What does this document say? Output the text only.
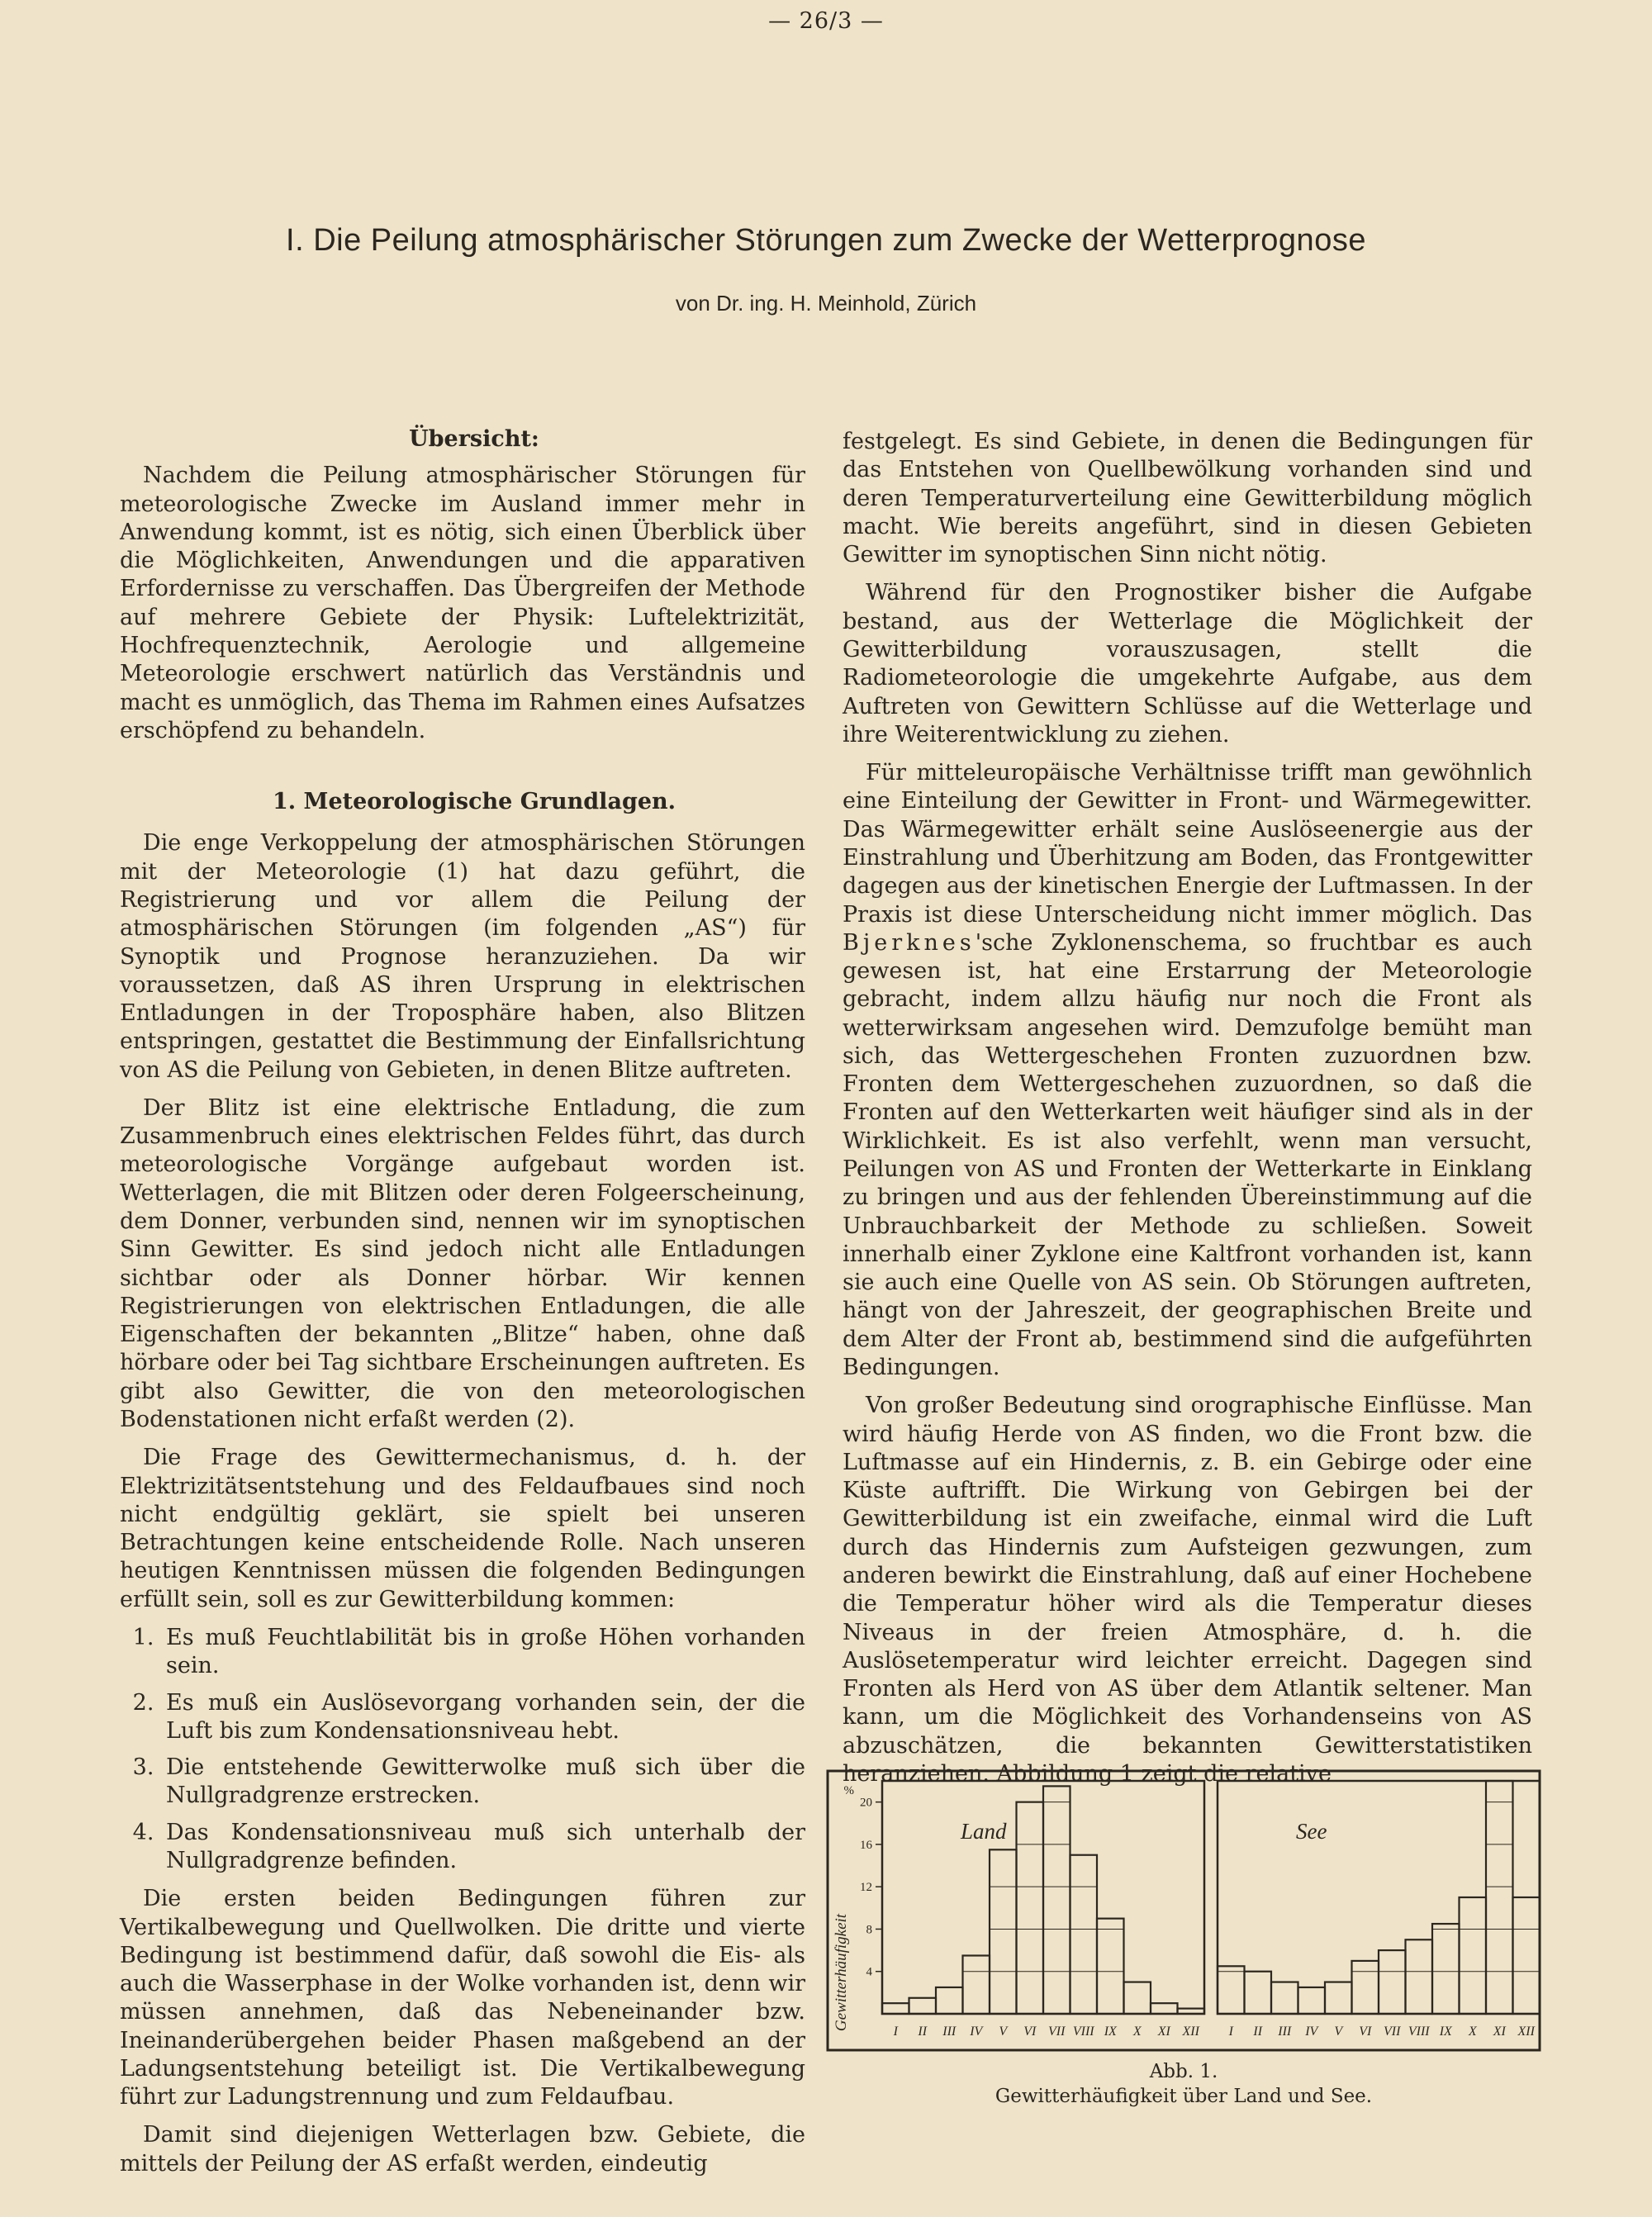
— 26/3 —
I. Die Peilung atmosphärischer Störungen zum Zwecke der Wetterprognose
von Dr. ing. H. Meinhold, Zürich

Übersicht:

Nachdem die Peilung atmosphärischer Störungen für meteorologische Zwecke im Ausland immer mehr in Anwendung kommt, ist es nötig, sich einen Überblick über die Möglichkeiten, Anwendungen und die apparativen Erfordernisse zu verschaffen. Das Übergreifen der Methode auf mehrere Gebiete der Physik: Luftelektrizität, Hochfrequenztechnik, Aerologie und allgemeine Meteorologie erschwert natürlich das Verständnis und macht es unmöglich, das Thema im Rahmen eines Aufsatzes erschöpfend zu behandeln.

1. Meteorologische Grundlagen.

Die enge Verkoppelung der atmosphärischen Störungen mit der Meteorologie (1) hat dazu geführt, die Registrierung und vor allem die Peilung der atmosphärischen Störungen (im folgenden „AS“) für Synoptik und Prognose heranzuziehen. Da wir voraussetzen, daß AS ihren Ursprung in elektrischen Entladungen in der Troposphäre haben, also Blitzen entspringen, gestattet die Bestimmung der Einfallsrichtung von AS die Peilung von Gebieten, in denen Blitze auftreten.

Der Blitz ist eine elektrische Entladung, die zum Zusammenbruch eines elektrischen Feldes führt, das durch meteorologische Vorgänge aufgebaut worden ist. Wetterlagen, die mit Blitzen oder deren Folgeerscheinung, dem Donner, verbunden sind, nennen wir im synoptischen Sinn Gewitter. Es sind jedoch nicht alle Entladungen sichtbar oder als Donner hörbar. Wir kennen Registrierungen von elektrischen Entladungen, die alle Eigenschaften der bekannten „Blitze“ haben, ohne daß hörbare oder bei Tag sichtbare Erscheinungen auftreten. Es gibt also Gewitter, die von den meteorologischen Bodenstationen nicht erfaßt werden (2).

Die Frage des Gewittermechanismus, d. h. der Elektrizitätsentstehung und des Feldaufbaues sind noch nicht endgültig geklärt, sie spielt bei unseren Betrachtungen keine entscheidende Rolle. Nach unseren heutigen Kenntnissen müssen die folgenden Bedingungen erfüllt sein, soll es zur Gewitterbildung kommen:

1. Es muß Feuchtlabilität bis in große Höhen vorhanden sein.
2. Es muß ein Auslösevorgang vorhanden sein, der die Luft bis zum Kondensationsniveau hebt.
3. Die entstehende Gewitterwolke muß sich über die Nullgradgrenze erstrecken.
4. Das Kondensationsniveau muß sich unterhalb der Nullgradgrenze befinden.

Die ersten beiden Bedingungen führen zur Vertikalbewegung und Quellwolken. Die dritte und vierte Bedingung ist bestimmend dafür, daß sowohl die Eis- als auch die Wasserphase in der Wolke vorhanden ist, denn wir müssen annehmen, daß das Nebeneinander bzw. Ineinanderübergehen beider Phasen maßgebend an der Ladungsentstehung beteiligt ist. Die Vertikalbewegung führt zur Ladungstrennung und zum Feldaufbau.

Damit sind diejenigen Wetterlagen bzw. Gebiete, die mittels der Peilung der AS erfaßt werden, eindeutig

festgelegt. Es sind Gebiete, in denen die Bedingungen für das Entstehen von Quellbewölkung vorhanden sind und deren Temperaturverteilung eine Gewitterbildung möglich macht. Wie bereits angeführt, sind in diesen Gebieten Gewitter im synoptischen Sinn nicht nötig.

Während für den Prognostiker bisher die Aufgabe bestand, aus der Wetterlage die Möglichkeit der Gewitterbildung vorauszusagen, stellt die Radiometeorologie die umgekehrte Aufgabe, aus dem Auftreten von Gewittern Schlüsse auf die Wetterlage und ihre Weiterentwicklung zu ziehen.

Für mitteleuropäische Verhältnisse trifft man gewöhnlich eine Einteilung der Gewitter in Front- und Wärmegewitter. Das Wärmegewitter erhält seine Auslöseenergie aus der Einstrahlung und Überhitzung am Boden, das Frontgewitter dagegen aus der kinetischen Energie der Luftmassen. In der Praxis ist diese Unterscheidung nicht immer möglich. Das Bjerknes'sche Zyklonenschema, so fruchtbar es auch gewesen ist, hat eine Erstarrung der Meteorologie gebracht, indem allzu häufig nur noch die Front als wetterwirksam angesehen wird. Demzufolge bemüht man sich, das Wettergeschehen Fronten zuzuordnen bzw. Fronten dem Wettergeschehen zuzuordnen, so daß die Fronten auf den Wetterkarten weit häufiger sind als in der Wirklichkeit. Es ist also verfehlt, wenn man versucht, Peilungen von AS und Fronten der Wetterkarte in Einklang zu bringen und aus der fehlenden Übereinstimmung auf die Unbrauchbarkeit der Methode zu schließen. Soweit innerhalb einer Zyklone eine Kaltfront vorhanden ist, kann sie auch eine Quelle von AS sein. Ob Störungen auftreten, hängt von der Jahreszeit, der geographischen Breite und dem Alter der Front ab, bestimmend sind die aufgeführten Bedingungen.

Von großer Bedeutung sind orographische Einflüsse. Man wird häufig Herde von AS finden, wo die Front bzw. die Luftmasse auf ein Hindernis, z. B. ein Gebirge oder eine Küste auftrifft. Die Wirkung von Gebirgen bei der Gewitterbildung ist ein zweifache, einmal wird die Luft durch das Hindernis zum Aufsteigen gezwungen, zum anderen bewirkt die Einstrahlung, daß auf einer Hochebene die Temperatur höher wird als die Temperatur dieses Niveaus in der freien Atmosphäre, d. h. die Auslösetemperatur wird leichter erreicht. Dagegen sind Fronten als Herd von AS über dem Atlantik seltener. Man kann, um die Möglichkeit des Vorhandenseins von AS abzuschätzen, die bekannten Gewitterstatistiken heranziehen. Abbildung 1 zeigt die relative

%
Gewitterhäufigkeit
I II III IV V VI VII VIII IX X XI XII
Land
4
8
12
16
20
I II III IV V VI VII VIII IX X XI XII
See
Abb. 1.
Gewitterhäufigkeit über Land und See.
